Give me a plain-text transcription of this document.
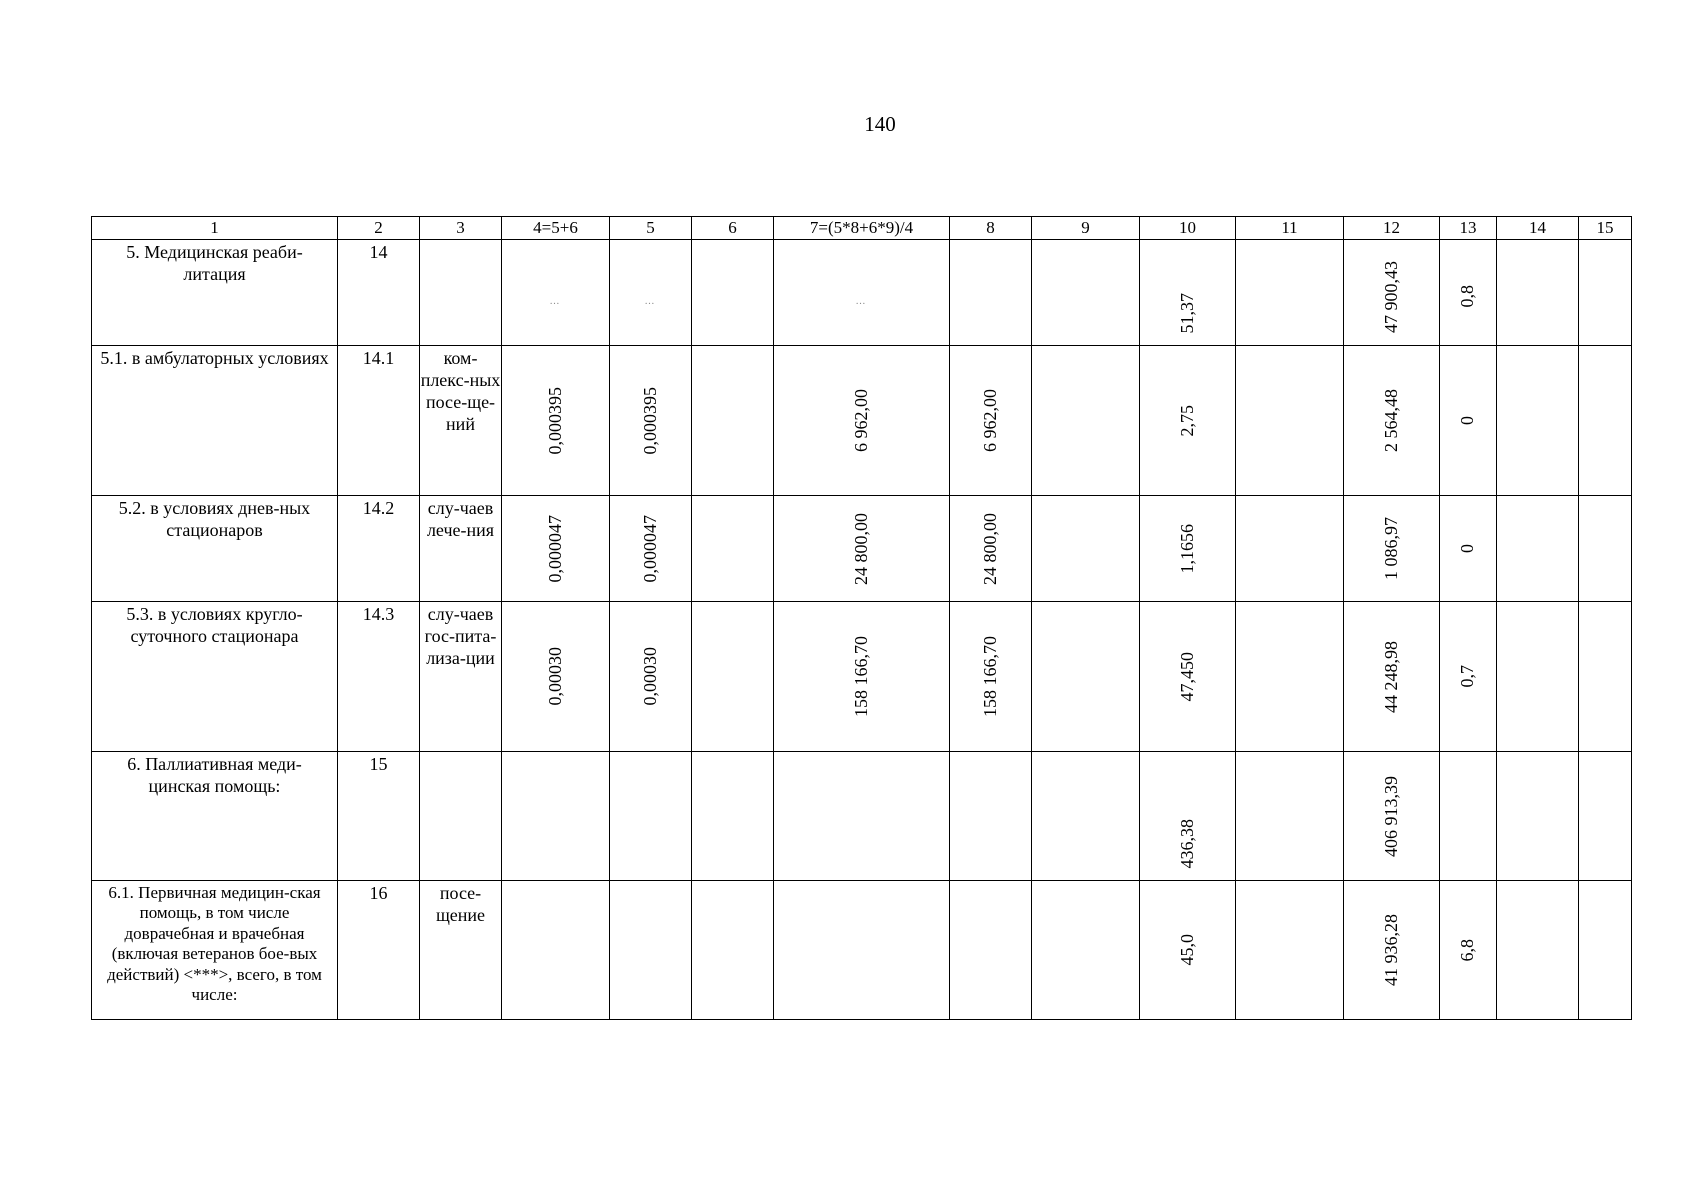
140
1	2	3	4=5+6	5	6	7=(5*8+6*9)/4	8	9	10	11	12	13	14	15
5. Медицинская реаби-литация	14		…	…		…			51,37		47 900,43	0,8		

5.1. в амбулаторных условиях	14.1	ком-плекс-ных посе-ще-ний	0,000395	0,000395		6 962,00	6 962,00		2,75		2 564,48	0		

5.2. в условиях днев-ных стационаров	14.2	слу-чаев лече-ния	0,000047	0,000047		24 800,00	24 800,00		1,1656		1 086,97	0		

5.3. в условиях кругло-суточного стационара	14.3	слу-чаев гос-пита-лиза-ции	0,00030	0,00030		158 166,70	158 166,70		47,450		44 248,98	0,7		

6. Паллиативная меди-цинская помощь:	15								436,38		406 913,39			

6.1. Первичная медицин-ская помощь, в том числе доврачебная и врачебная (включая ветеранов бое-вых действий) <***>, всего, в том числе:	16	посе-щение							45,0		41 936,28	6,8		
